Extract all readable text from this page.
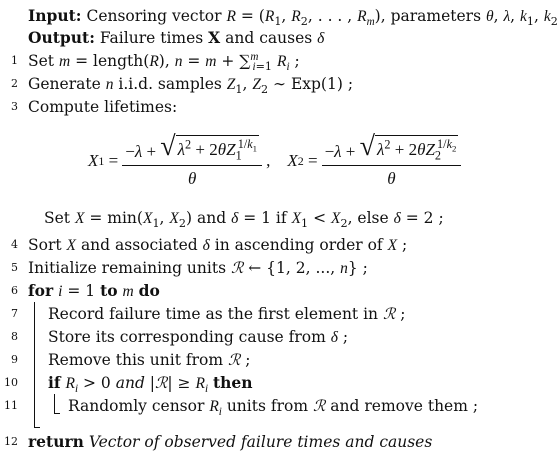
Input: Censoring vector $R = (R_1$, $R_2$, . . . , $R_m$), parameters θ, λ, $k_1$, $k_2$
Output: Failure times X and causes δ
1 Set m = length(R), n = m + ∑$^m_{i=1}$ $R_i$ ;
2 Generate n i.i.d. samples $Z_1$, $Z_2$ ∼ Exp(1) ;
3 Compute lifetimes:
X $1 = \frac{- \lambda + √ \lambda^2 + 2\theta Z_1^{1/k_1}}{\theta}$ , X $2 = \frac{- \lambda + √ \lambda^2 + 2\theta Z_2^{1/k_2}}{\theta}$
Set $X = \min(X_1$, $X_2$) and δ = 1 if $X_1 < X_2$, else δ = 2 ;
4 Sort X and associated δ in ascending order of X ;
5 Initialize remaining units ℛ ← {1, 2, ..., n} ;
6 for i = 1 to m do
7 Record failure time as the first element in ℛ ;
8 Store its corresponding cause from δ ;
9 Remove this unit from ℛ ;
10 if $R_i > 0$ and |ℛ| ≥ $R_i$ then
11	Randomly censor $R_i$ units from ℛ and remove them ;
12 return Vector of observed failure times and causes
